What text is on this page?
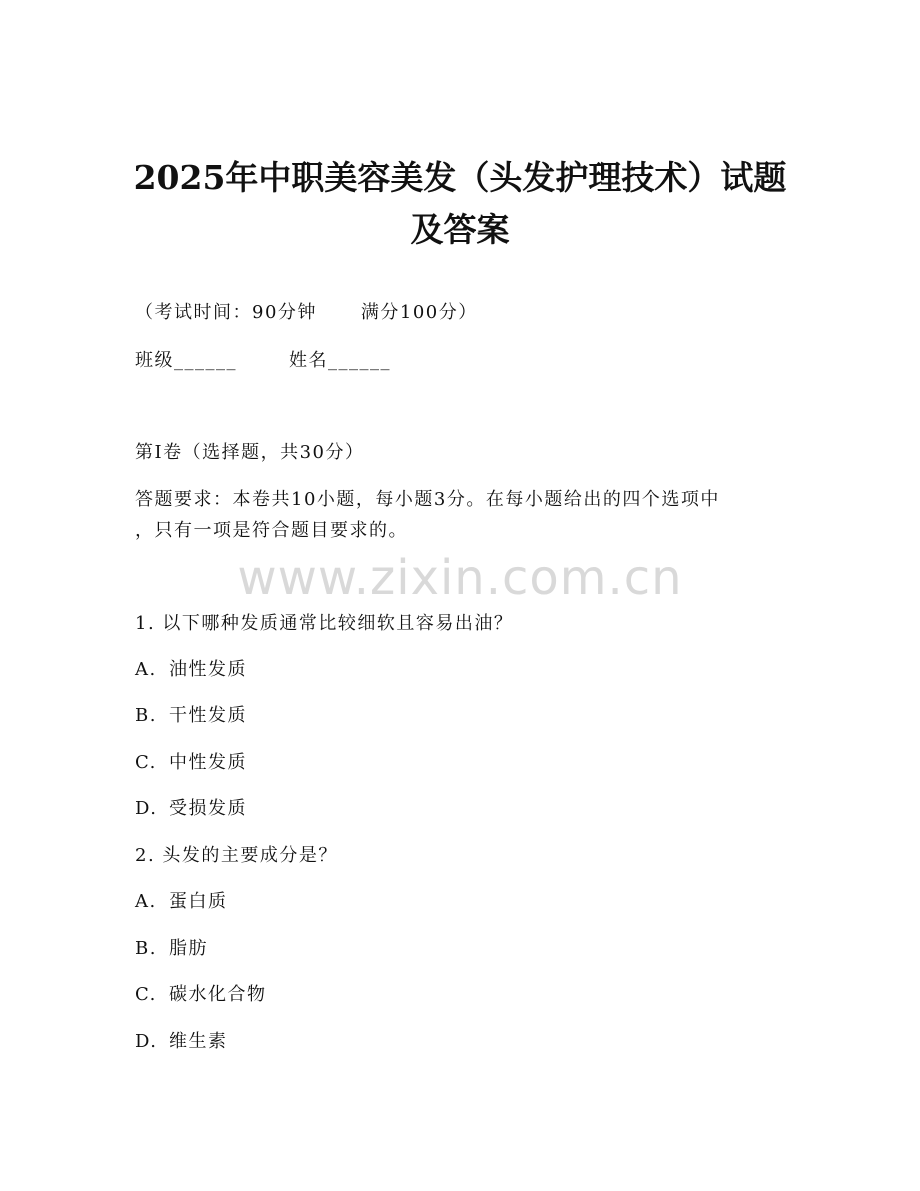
2025年中职美容美发（头发护理技术）试题
及答案
（考试时间：90分钟 满分100分）
班级______	姓名______
第I卷（选择题，共30分）
答题要求：本卷共10小题，每小题3分。在每小题给出的四个选项中
，只有一项是符合题目要求的。
www.zixin.com.cn
1. 以下哪种发质通常比较细软且容易出油？
A. 油性发质
B. 干性发质
C. 中性发质
D. 受损发质
2. 头发的主要成分是？
A. 蛋白质
B. 脂肪
C. 碳水化合物
D. 维生素
